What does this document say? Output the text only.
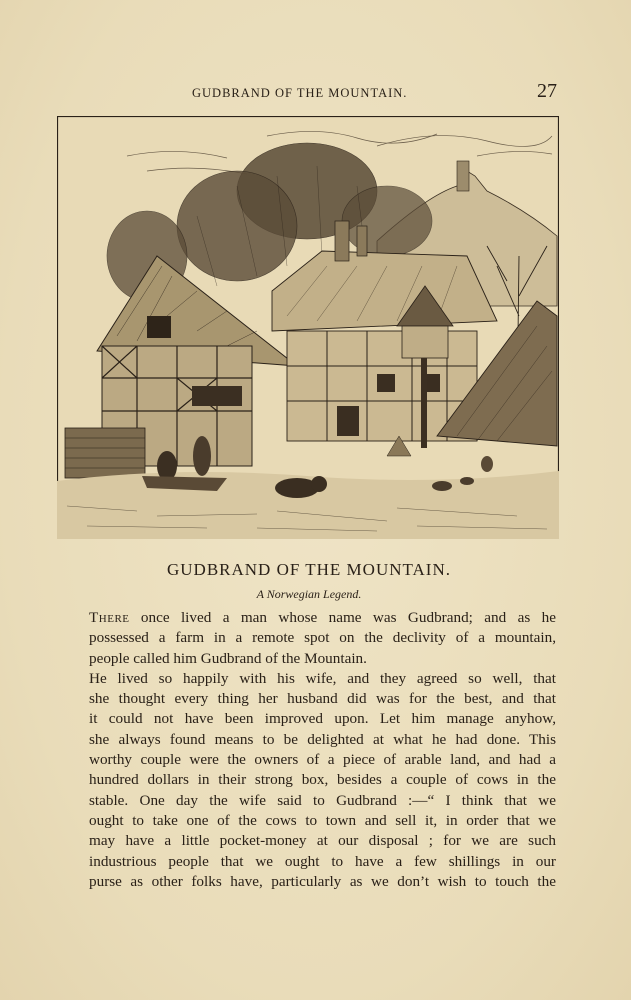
GUDBRAND OF THE MOUNTAIN.	27
GUDBRAND OF THE MOUNTAIN.
A Norwegian Legend.
There once lived a man whose name was Gudbrand; and as he
possessed a farm in a remote spot on the declivity of a mountain,
people called him Gudbrand of the Mountain.
He lived so happily with his wife, and they agreed so well, that
she thought every thing her husband did was for the best, and that
it could not have been improved upon. Let him manage anyhow,
she always found means to be delighted at what he had done. This
worthy couple were the owners of a piece of arable land, and had a
hundred dollars in their strong box, besides a couple of cows in the
stable. One day the wife said to Gudbrand :—“ I think that we
ought to take one of the cows to town and sell it, in order that we
may have a little pocket-money at our disposal ; for we are such
industrious people that we ought to have a few shillings in our
purse as other folks have, particularly as we don’t wish to touch the
